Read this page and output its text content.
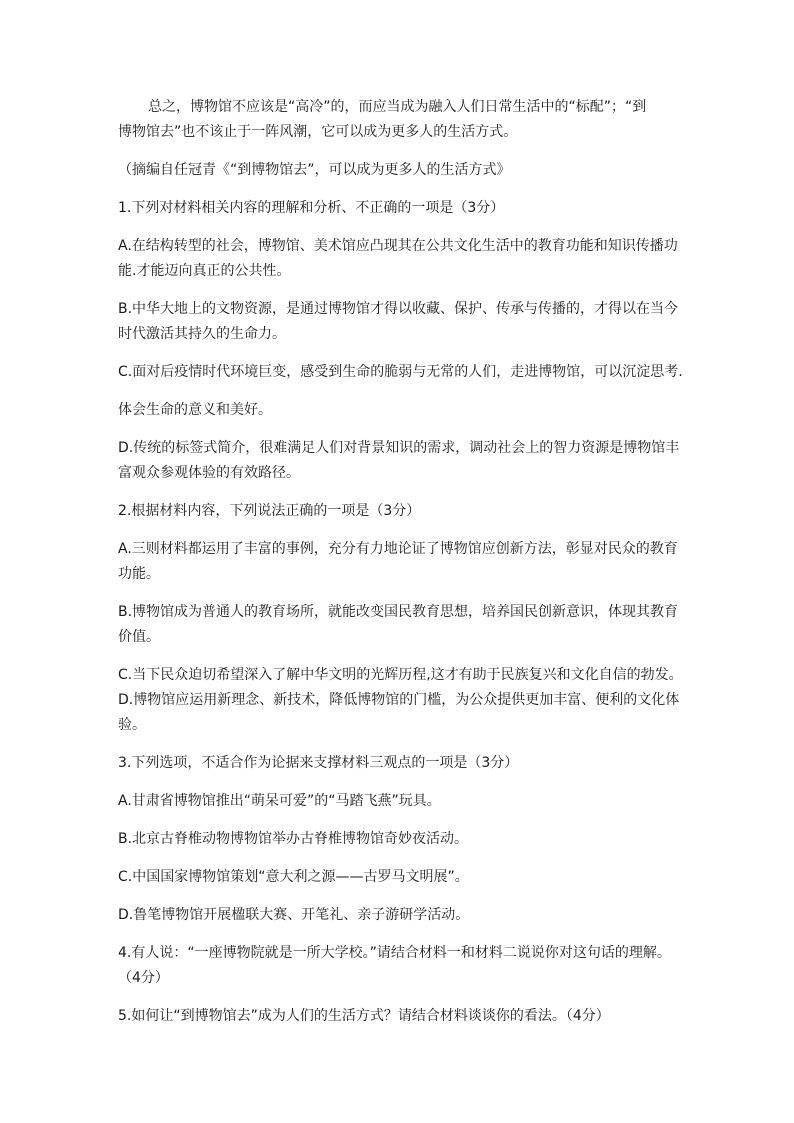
总之，博物馆不应该是“高冷”的，而应当成为融入人们日常生活中的“标配”；“到

博物馆去”也不该止于一阵风潮，它可以成为更多人的生活方式。

（摘编自任冠青《“到博物馆去”，可以成为更多人的生活方式》

1.下列对材料相关内容的理解和分析、不正确的一项是（3分）

A.在结构转型的社会，博物馆、美术馆应凸现其在公共文化生活中的教育功能和知识传播功

能.才能迈向真正的公共性。

B.中华大地上的文物资源，是通过博物馆才得以收藏、保护、传承与传播的，才得以在当今

时代激活其持久的生命力。

C.面对后疫情时代环境巨变，感受到生命的脆弱与无常的人们，走进博物馆，可以沉淀思考.

体会生命的意义和美好。

D.传统的标签式简介，很难满足人们对背景知识的需求，调动社会上的智力资源是博物馆丰

富观众参观体验的有效路径。

2.根据材料内容，下列说法正确的一项是（3分）

A.三则材料都运用了丰富的事例，充分有力地论证了博物馆应创新方法，彰显对民众的教育

功能。

B.博物馆成为普通人的教育场所，就能改变国民教育思想，培养国民创新意识，体现其教育

价值。

C.当下民众迫切希望深入了解中华文明的光辉历程,这才有助于民族复兴和文化自信的勃发。

D.博物馆应运用新理念、新技术，降低博物馆的门槛，为公众提供更加丰富、便利的文化体

验。

3.下列选项，不适合作为论据来支撑材料三观点的一项是（3分）

A.甘肃省博物馆推出“萌呆可爱”的“马踏飞燕”玩具。

B.北京古脊椎动物博物馆举办古脊椎博物馆奇妙夜活动。

C.中国国家博物馆策划“意大利之源——古罗马文明展”。

D.鲁笔博物馆开展楹联大赛、开笔礼、亲子游研学活动。

4.有人说：“一座博物院就是一所大学校。”请结合材料一和材料二说说你对这句话的理解。

（4分）

5.如何让“到博物馆去”成为人们的生活方式？请结合材料谈谈你的看法。（4分）
